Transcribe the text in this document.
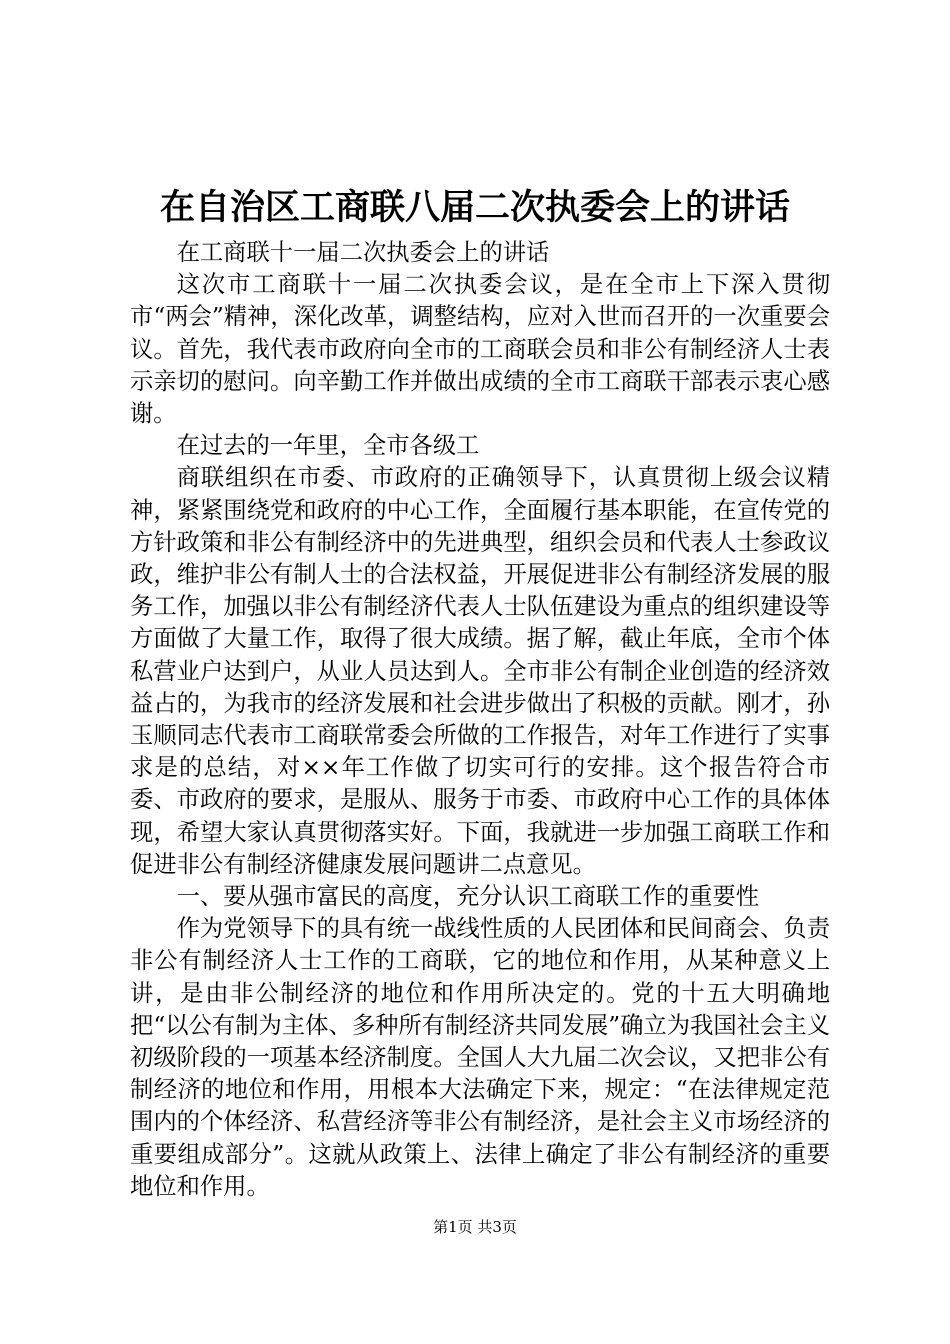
在自治区工商联八届二次执委会上的讲话

在工商联十一届二次执委会上的讲话

这次市工商联十一届二次执委会议，是在全市上下深入贯彻市“两会”精神，深化改革，调整结构，应对入世而召开的一次重要会议。首先，我代表市政府向全市的工商联会员和非公有制经济人士表示亲切的慰问。向辛勤工作并做出成绩的全市工商联干部表示衷心感谢。

在过去的一年里，全市各级工

商联组织在市委、市政府的正确领导下，认真贯彻上级会议精神，紧紧围绕党和政府的中心工作，全面履行基本职能，在宣传党的方针政策和非公有制经济中的先进典型，组织会员和代表人士参政议政，维护非公有制人士的合法权益，开展促进非公有制经济发展的服务工作，加强以非公有制经济代表人士队伍建设为重点的组织建设等方面做了大量工作，取得了很大成绩。据了解，截止年底，全市个体私营业户达到户，从业人员达到人。全市非公有制企业创造的经济效益占的，为我市的经济发展和社会进步做出了积极的贡献。刚才，孙玉顺同志代表市工商联常委会所做的工作报告，对年工作进行了实事求是的总结，对××年工作做了切实可行的安排。这个报告符合市委、市政府的要求，是服从、服务于市委、市政府中心工作的具体体现，希望大家认真贯彻落实好。下面，我就进一步加强工商联工作和促进非公有制经济健康发展问题讲二点意见。

一、要从强市富民的高度，充分认识工商联工作的重要性

作为党领导下的具有统一战线性质的人民团体和民间商会、负责非公有制经济人士工作的工商联，它的地位和作用，从某种意义上讲，是由非公制经济的地位和作用所决定的。党的十五大明确地把“以公有制为主体、多种所有制经济共同发展”确立为我国社会主义初级阶段的一项基本经济制度。全国人大九届二次会议，又把非公有制经济的地位和作用，用根本大法确定下来，规定：“在法律规定范围内的个体经济、私营经济等非公有制经济，是社会主义市场经济的重要组成部分”。这就从政策上、法律上确定了非公有制经济的重要地位和作用。

第1页 共3页
